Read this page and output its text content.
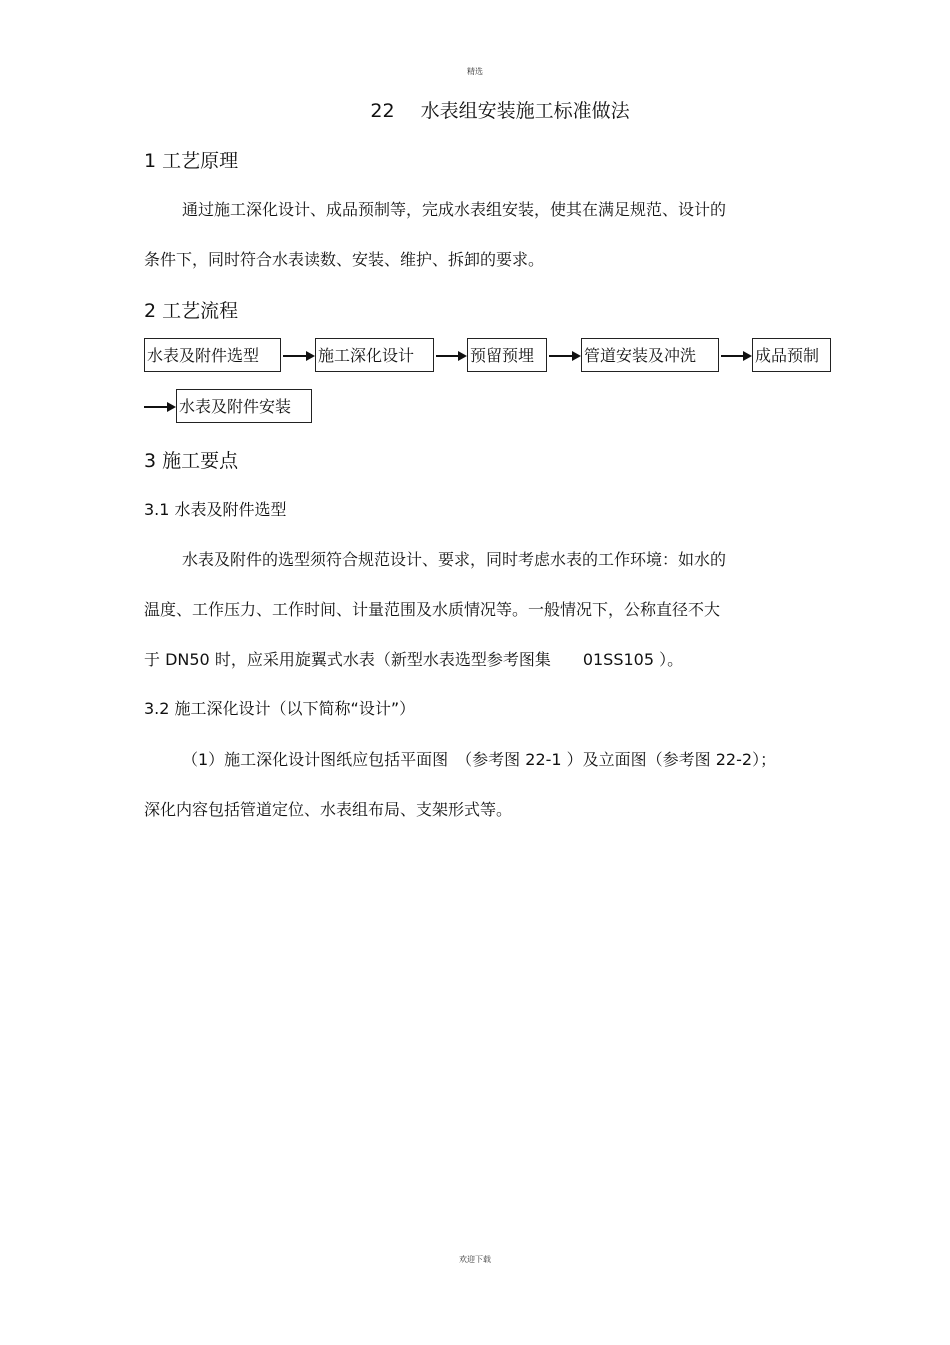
精选
22 水表组安装施工标准做法
1 工艺原理
通过施工深化设计、成品预制等，完成水表组安装，使其在满足规范、设计的
条件下，同时符合水表读数、安装、维护、拆卸的要求。
2 工艺流程
水表及附件选型	施工深化设计	预留预埋	管道安装及冲洗	成品预制
水表及附件安装
3 施工要点
3.1 水表及附件选型
水表及附件的选型须符合规范设计、要求，同时考虑水表的工作环境：如水的
温度、工作压力、工作时间、计量范围及水质情况等。一般情况下，公称直径不大
于 DN50 时，应采用旋翼式水表（新型水表选型参考图集　　01SS105 ）。
3.2 施工深化设计（以下简称“设计”）
（1）施工深化设计图纸应包括平面图　（参考图 22-1 ）及立面图（参考图 22-2）；
深化内容包括管道定位、水表组布局、支架形式等。
欢迎下载
